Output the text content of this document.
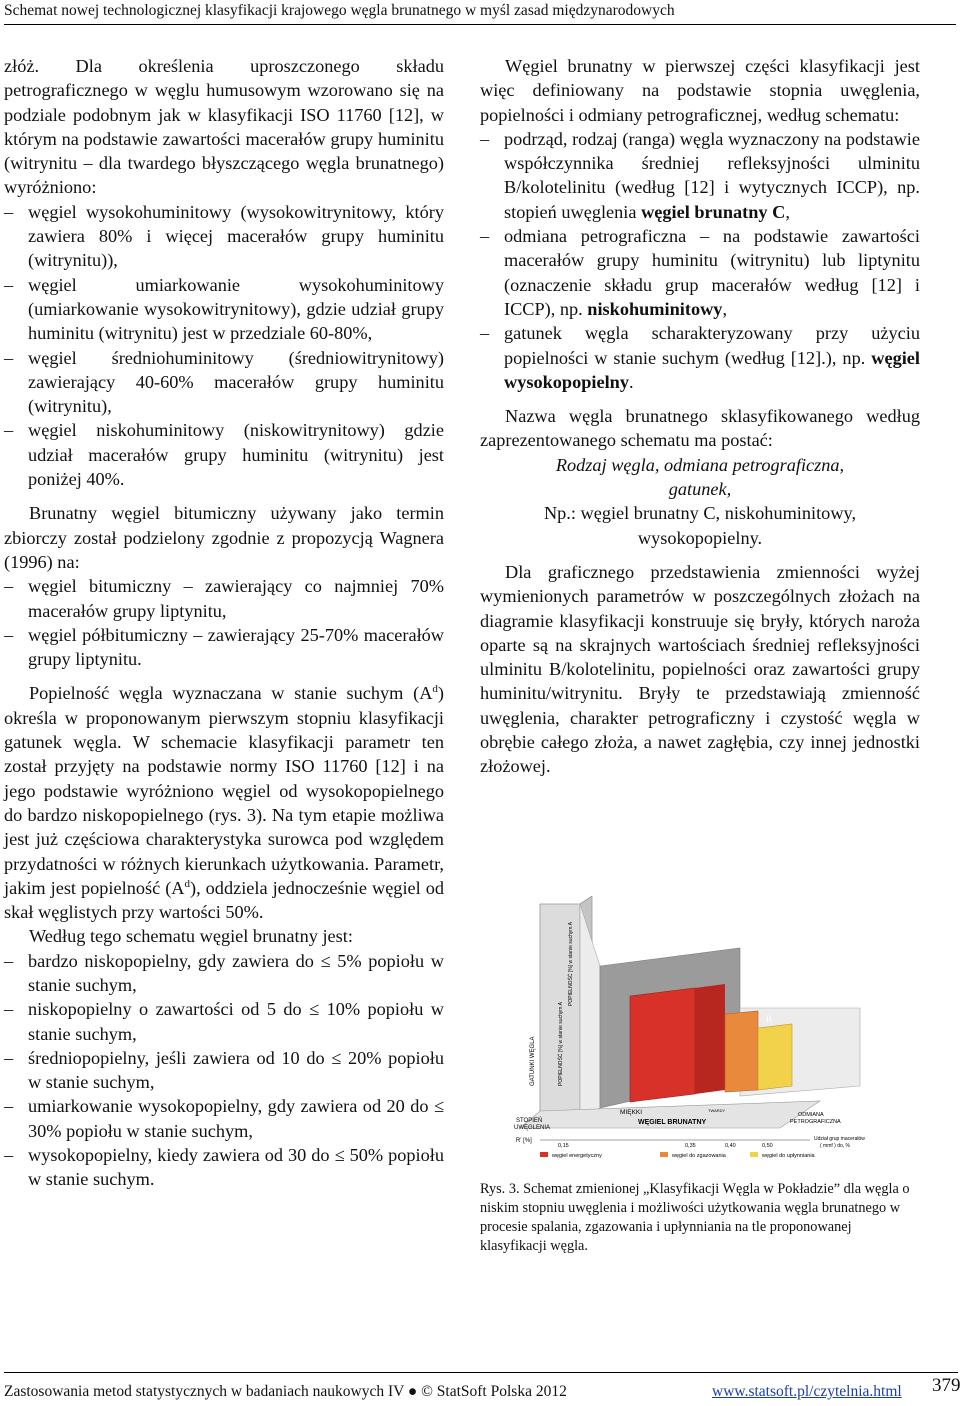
Schemat nowej technologicznej klasyfikacji krajowego węgla brunatnego w myśl zasad międzynarodowych

złóż. Dla określenia uproszczonego składu petrograficznego w węglu humusowym wzorowano się na podziale podobnym jak w klasyfikacji ISO 11760 [12], w którym na podstawie zawartości macerałów grupy huminitu (witrynitu – dla twardego błyszczącego węgla brunatnego) wyróżniono:

– węgiel wysokohuminitowy (wysokowitrynitowy, który zawiera 80% i więcej macerałów grupy huminitu (witrynitu)),
– węgiel umiarkowanie wysokohuminitowy (umiarkowanie wysokowitrynitowy), gdzie udział grupy huminitu (witrynitu) jest w przedziale 60-80%,
– węgiel średniohuminitowy (średniowitrynitowy) zawierający 40-60% macerałów grupy huminitu (witrynitu),
– węgiel niskohuminitowy (niskowitrynitowy) gdzie udział macerałów grupy huminitu (witrynitu) jest poniżej 40%.

Brunatny węgiel bitumiczny używany jako termin zbiorczy został podzielony zgodnie z propozycją Wagnera (1996) na:

– węgiel bitumiczny – zawierający co najmniej 70% macerałów grupy liptynitu,
– węgiel półbitumiczny – zawierający 25-70% macerałów grupy liptynitu.

Popielność węgla wyznaczana w stanie suchym $(A^d)$ określa w proponowanym pierwszym stopniu klasyfikacji gatunek węgla. W schemacie klasyfikacji parametr ten został przyjęty na podstawie normy ISO 11760 [12] i na jego podstawie wyróżniono węgiel od wysokopopielnego do bardzo niskopopielnego (rys. 3). Na tym etapie możliwa jest już częściowa charakterystyka surowca pod względem przydatności w różnych kierunkach użytkowania. Parametr, jakim jest popielność $(A^d)$, oddziela jednocześnie węgiel od skał węglistych przy wartości 50%.

Według tego schematu węgiel brunatny jest:

– bardzo niskopopielny, gdy zawiera do ≤ 5% popiołu w stanie suchym,
– niskopopielny o zawartości od 5 do ≤ 10% popiołu w stanie suchym,
– średniopopielny, jeśli zawiera od 10 do ≤ 20% popiołu w stanie suchym,
– umiarkowanie wysokopopielny, gdy zawiera od 20 do ≤ 30% popiołu w stanie suchym,
– wysokopopielny, kiedy zawiera od 30 do ≤ 50% popiołu w stanie suchym.

Węgiel brunatny w pierwszej części klasyfikacji jest więc definiowany na podstawie stopnia uwęglenia, popielności i odmiany petrograficznej, według schematu:

– podrząd, rodzaj (ranga) węgla wyznaczony na podstawie współczynnika średniej refleksyjności ulminitu B/kolotelinitu (według [12] i wytycznych ICCP), np. stopień uwęglenia węgiel brunatny C,
– odmiana petrograficzna – na podstawie zawartości macerałów grupy huminitu (witrynitu) lub liptynitu (oznaczenie składu grup macerałów według [12] i ICCP), np. niskohuminitowy,
– gatunek węgla scharakteryzowany przy użyciu popielności w stanie suchym (według [12].), np. węgiel wysokopopielny.

Nazwa węgla brunatnego sklasyfikowanego według zaprezentowanego schematu ma postać:

Rodzaj węgla, odmiana petrograficzna,

gatunek,

Np.: węgiel brunatny C, niskohuminitowy,

wysokopopielny.

Dla graficznego przedstawienia zmienności wyżej wymienionych parametrów w poszczególnych złożach na diagramie klasyfikacji konstruuje się bryły, których naroża oparte są na skrajnych wartościach średniej refleksyjności ulminitu B/kolotelinitu, popielności oraz zawartości grupy huminitu/witrynitu. Bryły te przedstawiają zmienność uwęglenia, charakter petrograficzny i czystość węgla w obrębie całego złoża, a nawet zagłębia, czy innej jednostki złożowej.

B
GATUNKI WĘGLA	POPIELNOŚĆ [%] w stanie suchym A
POPIELNOŚĆ [%] w stanie suchym A
STOPIEŃ
UWĘGLENIA
R' [%]
0,15	0,35	0,40	0,50
MIĘKKI
WĘGIEL BRUNATNY
TWARDY
ODMIANA
PETROGRAFICZNA
Udział grup macerałów
( mmf ) do, %
węgiel energetyczny	węgiel do zgazowania	węgiel do upłynniania
Rys. 3. Schemat zmienionej „Klasyfikacji Węgla w Pokładzie” dla węgla o niskim stopniu uwęglenia i możliwości użytkowania węgla brunatnego w procesie spalania, zgazowania i upłynniania na tle proponowanej klasyfikacji węgla.
Zastosowania metod statystycznych w badaniach naukowych IV ● © StatSoft Polska 2012	www.statsoft.pl/czytelnia.html 379
